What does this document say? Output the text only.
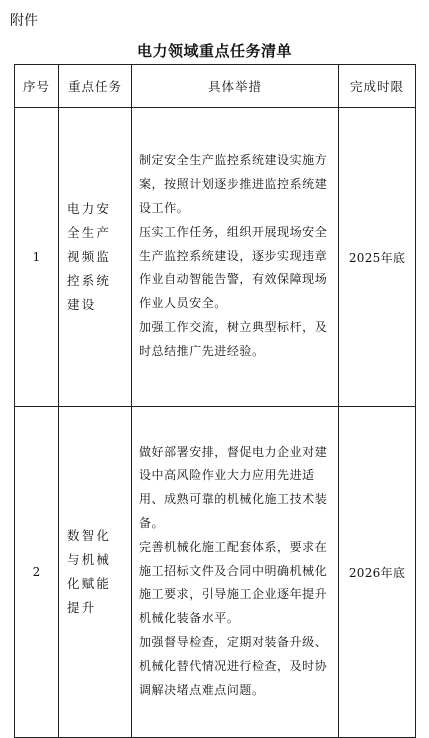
附件
电力领域重点任务清单
序号	重点任务	具体举措	完成时限
1	电力安全生产视频监控系统建设	制定安全生产监控系统建设实施方案，按照计划逐步推进监控系统建设工作。

压实工作任务，组织开展现场安全生产监控系统建设，逐步实现违章作业自动智能告警，有效保障现场作业人员安全。

加强工作交流，树立典型标杆，及时总结推广先进经验。	2025年底
2	数智化与机械化赋能提升	做好部署安排，督促电力企业对建设中高风险作业大力应用先进适用、成熟可靠的机械化施工技术装备。

完善机械化施工配套体系，要求在施工招标文件及合同中明确机械化施工要求，引导施工企业逐年提升机械化装备水平。

加强督导检查，定期对装备升级、机械化替代情况进行检查，及时协调解决堵点难点问题。	2026年底
